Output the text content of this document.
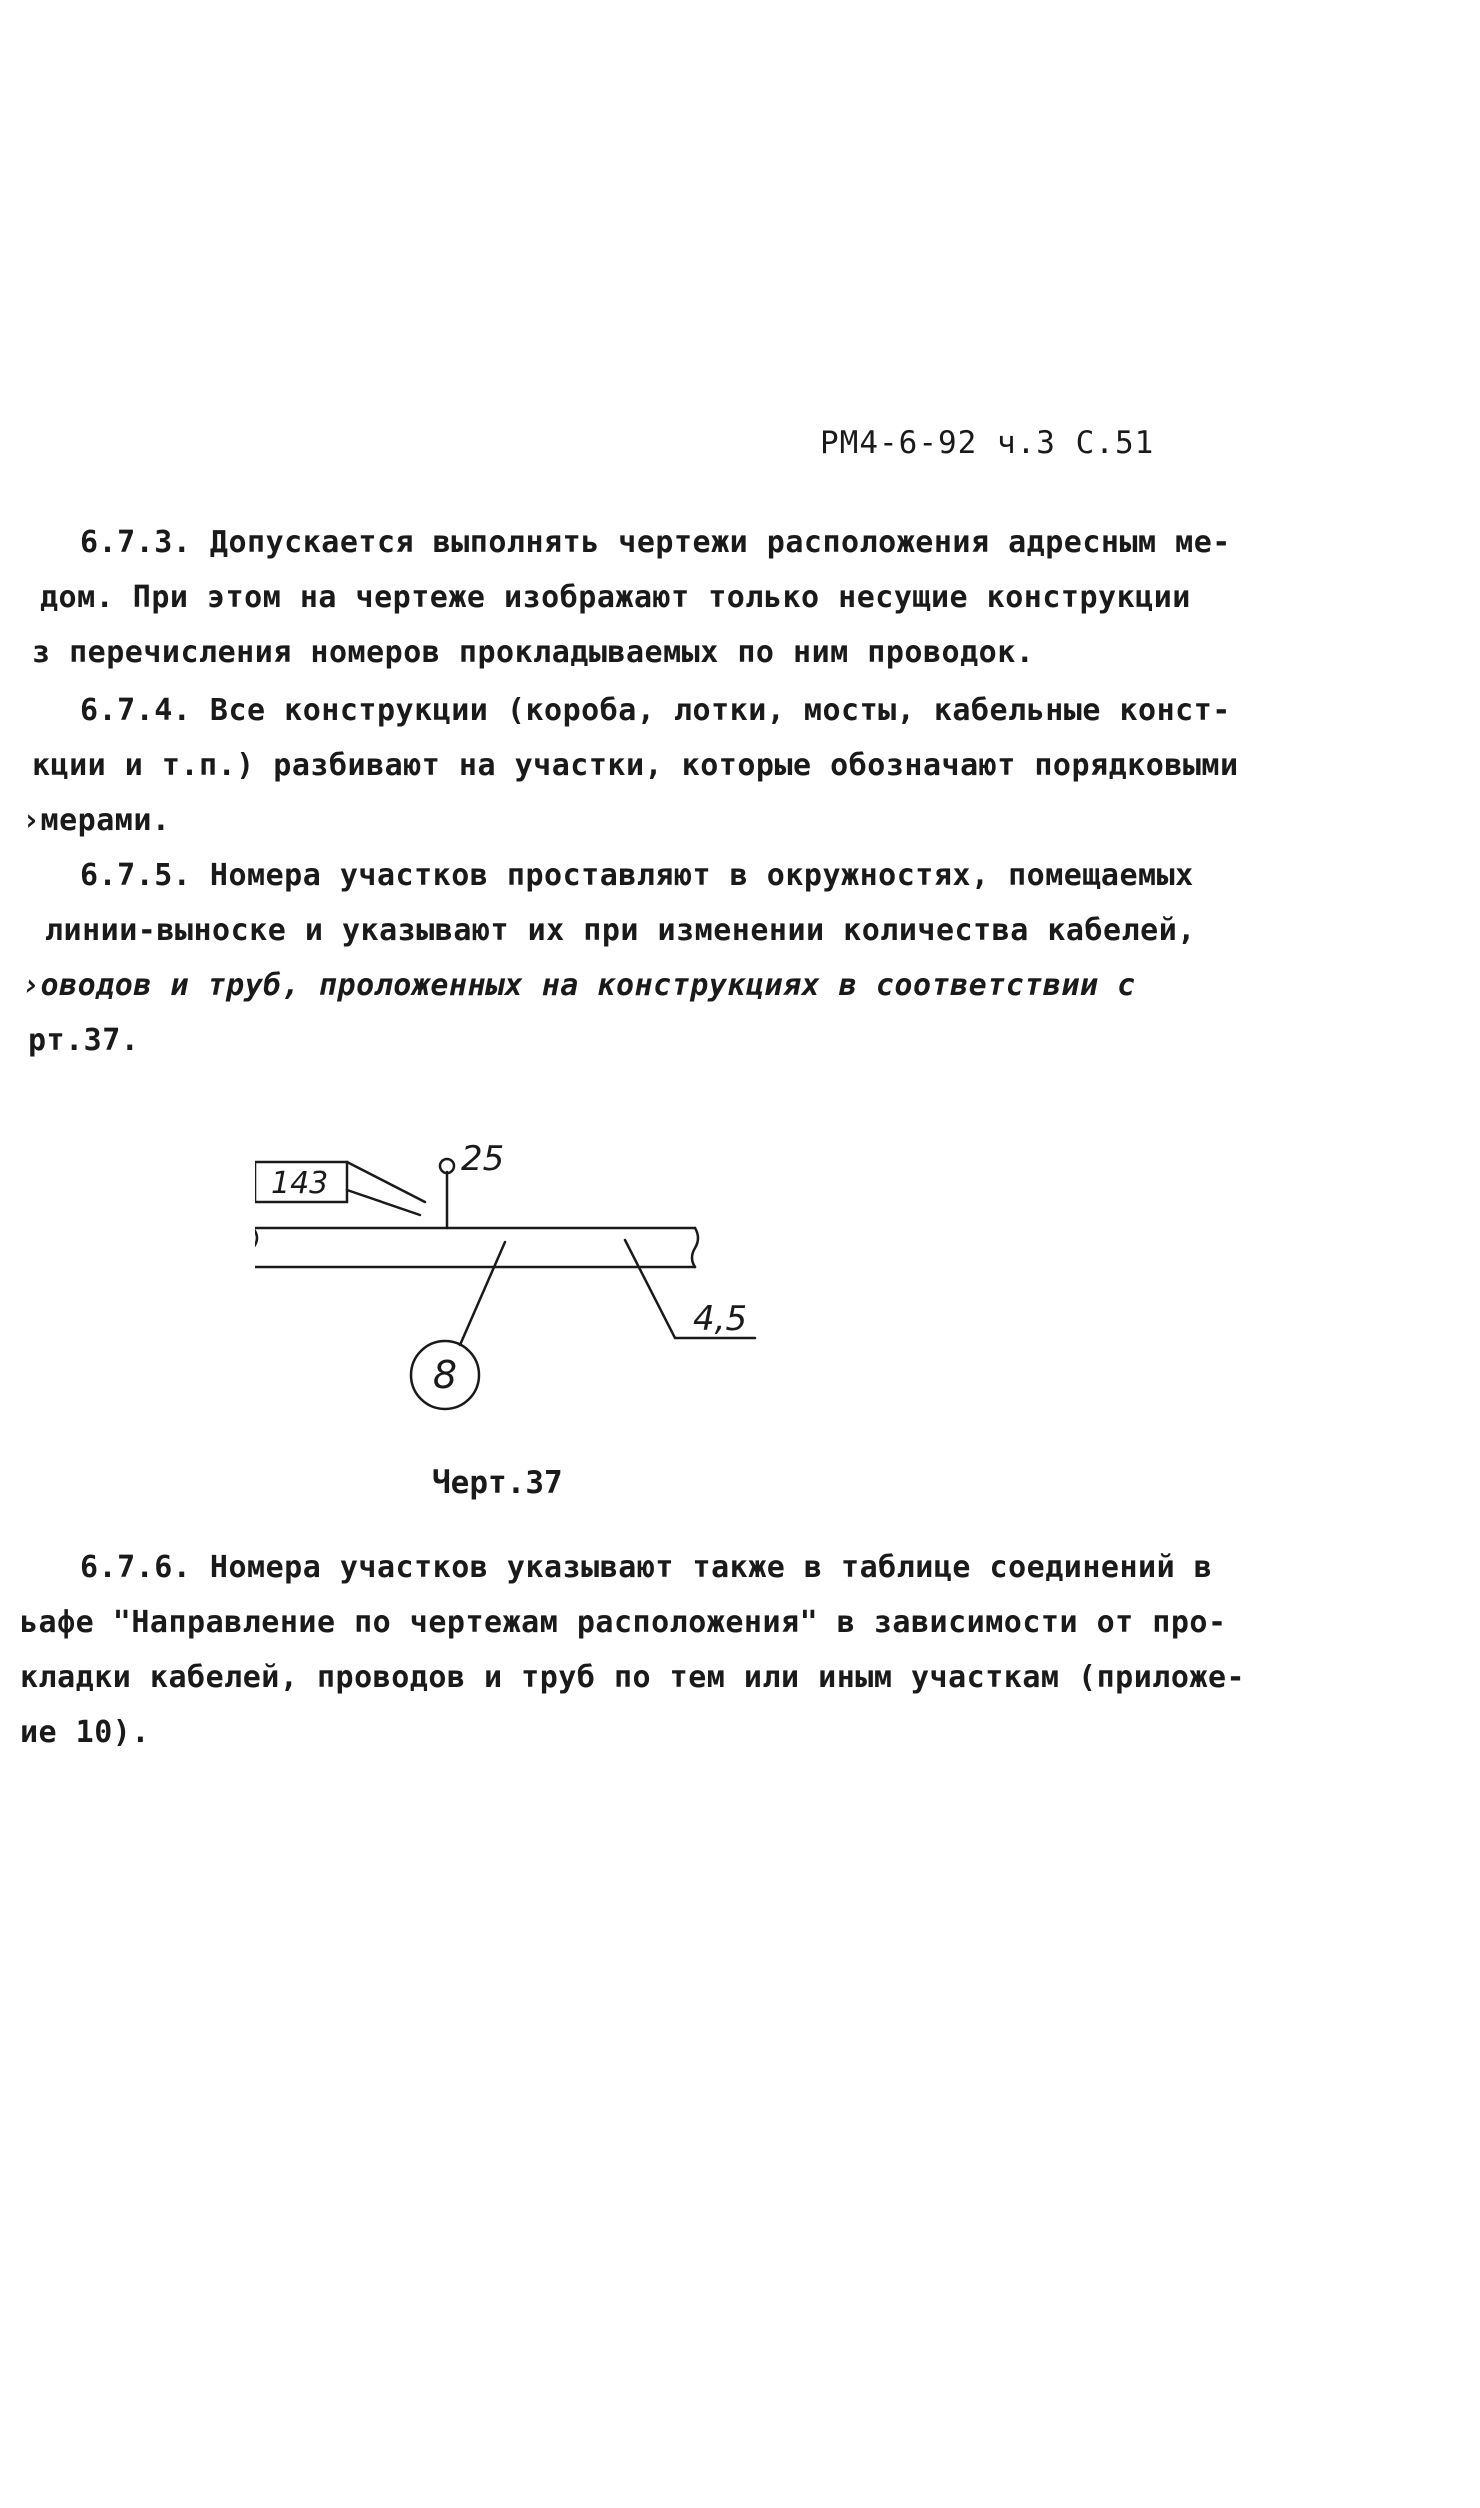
РМ4-6-92 ч.3 С.51
6.7.3. Допускается выполнять чертежи расположения адресным ме-
дом. При этом на чертеже изображают только несущие конструкции
з перечисления номеров прокладываемых по ним проводок.
6.7.4. Все конструкции (короба, лотки, мосты, кабельные конст-
кции и т.п.) разбивают на участки, которые обозначают порядковыми
›мерами.
6.7.5. Номера участков проставляют в окружностях, помещаемых
линии-выноске и указывают их при изменении количества кабелей,
›оводов и труб, проложенных на конструкциях в соответствии с
рт.37.
143
25
8
4,5
Черт.37
6.7.6. Номера участков указывают также в таблице соединений в
ьафе "Направление по чертежам расположения" в зависимости от про-
кладки кабелей, проводов и труб по тем или иным участкам (приложе-
ие 10).
